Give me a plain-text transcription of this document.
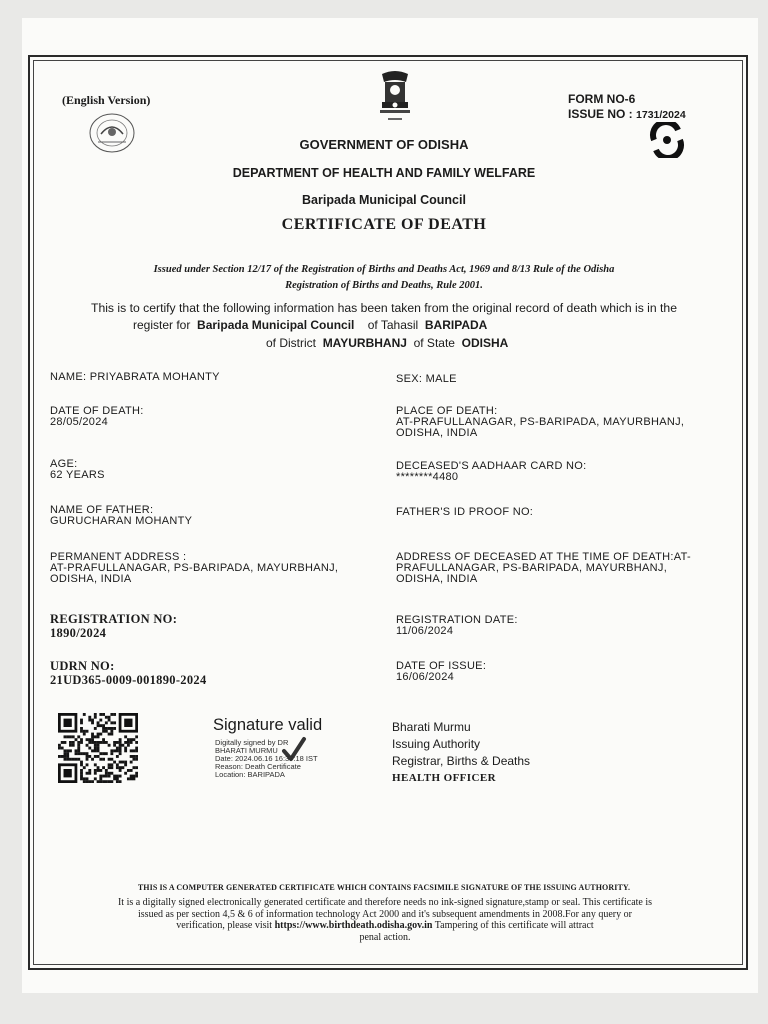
(English Version)	FORM NO-6
ISSUE NO : 1731/2024
GOVERNMENT OF ODISHA
DEPARTMENT OF HEALTH AND FAMILY WELFARE
Baripada Municipal Council
CERTIFICATE OF DEATH
Issued under Section 12/17 of the Registration of Births and Deaths Act, 1969 and 8/13 Rule of the Odisha
Registration of Births and Deaths, Rule 2001.
This is to certify that the following information has been taken from the original record of death which is in the
register for Baripada Municipal Council of Tahasil BARIPADA
of District MAYURBHANJ of State ODISHA
NAME: PRIYABRATA MOHANTY
DATE OF DEATH:
28/05/2024
AGE:
62 YEARS
NAME OF FATHER:
GURUCHARAN MOHANTY
PERMANENT ADDRESS :
AT-PRAFULLANAGAR, PS-BARIPADA, MAYURBHANJ,
ODISHA, INDIA
REGISTRATION NO:
1890/2024
UDRN NO:
21UD365-0009-001890-2024
SEX: MALE
PLACE OF DEATH:
AT-PRAFULLANAGAR, PS-BARIPADA, MAYURBHANJ,
ODISHA, INDIA
DECEASED'S AADHAAR CARD NO:
********4480
FATHER'S ID PROOF NO:
ADDRESS OF DECEASED AT THE TIME OF DEATH:AT-
PRAFULLANAGAR, PS-BARIPADA, MAYURBHANJ,
ODISHA, INDIA
REGISTRATION DATE:
11/06/2024
DATE OF ISSUE:
16/06/2024
Signature valid
Digitally signed by DR
BHARATI MURMU
Date: 2024.06.16 16:37:18 IST
Reason: Death Certificate
Location: BARIPADA
Bharati Murmu
Issuing Authority
Registrar, Births & Deaths
HEALTH OFFICER
THIS IS A COMPUTER GENERATED CERTIFICATE WHICH CONTAINS FACSIMILE SIGNATURE OF THE ISSUING AUTHORITY.
It is a digitally signed electronically generated certificate and therefore needs no ink-signed signature,stamp or seal. This certificate is
issued as per section 4,5 & 6 of information technology Act 2000 and it's subsequent amendments in 2008.For any query or
verification, please visit https://www.birthdeath.odisha.gov.in Tampering of this certificate will attract
penal action.
